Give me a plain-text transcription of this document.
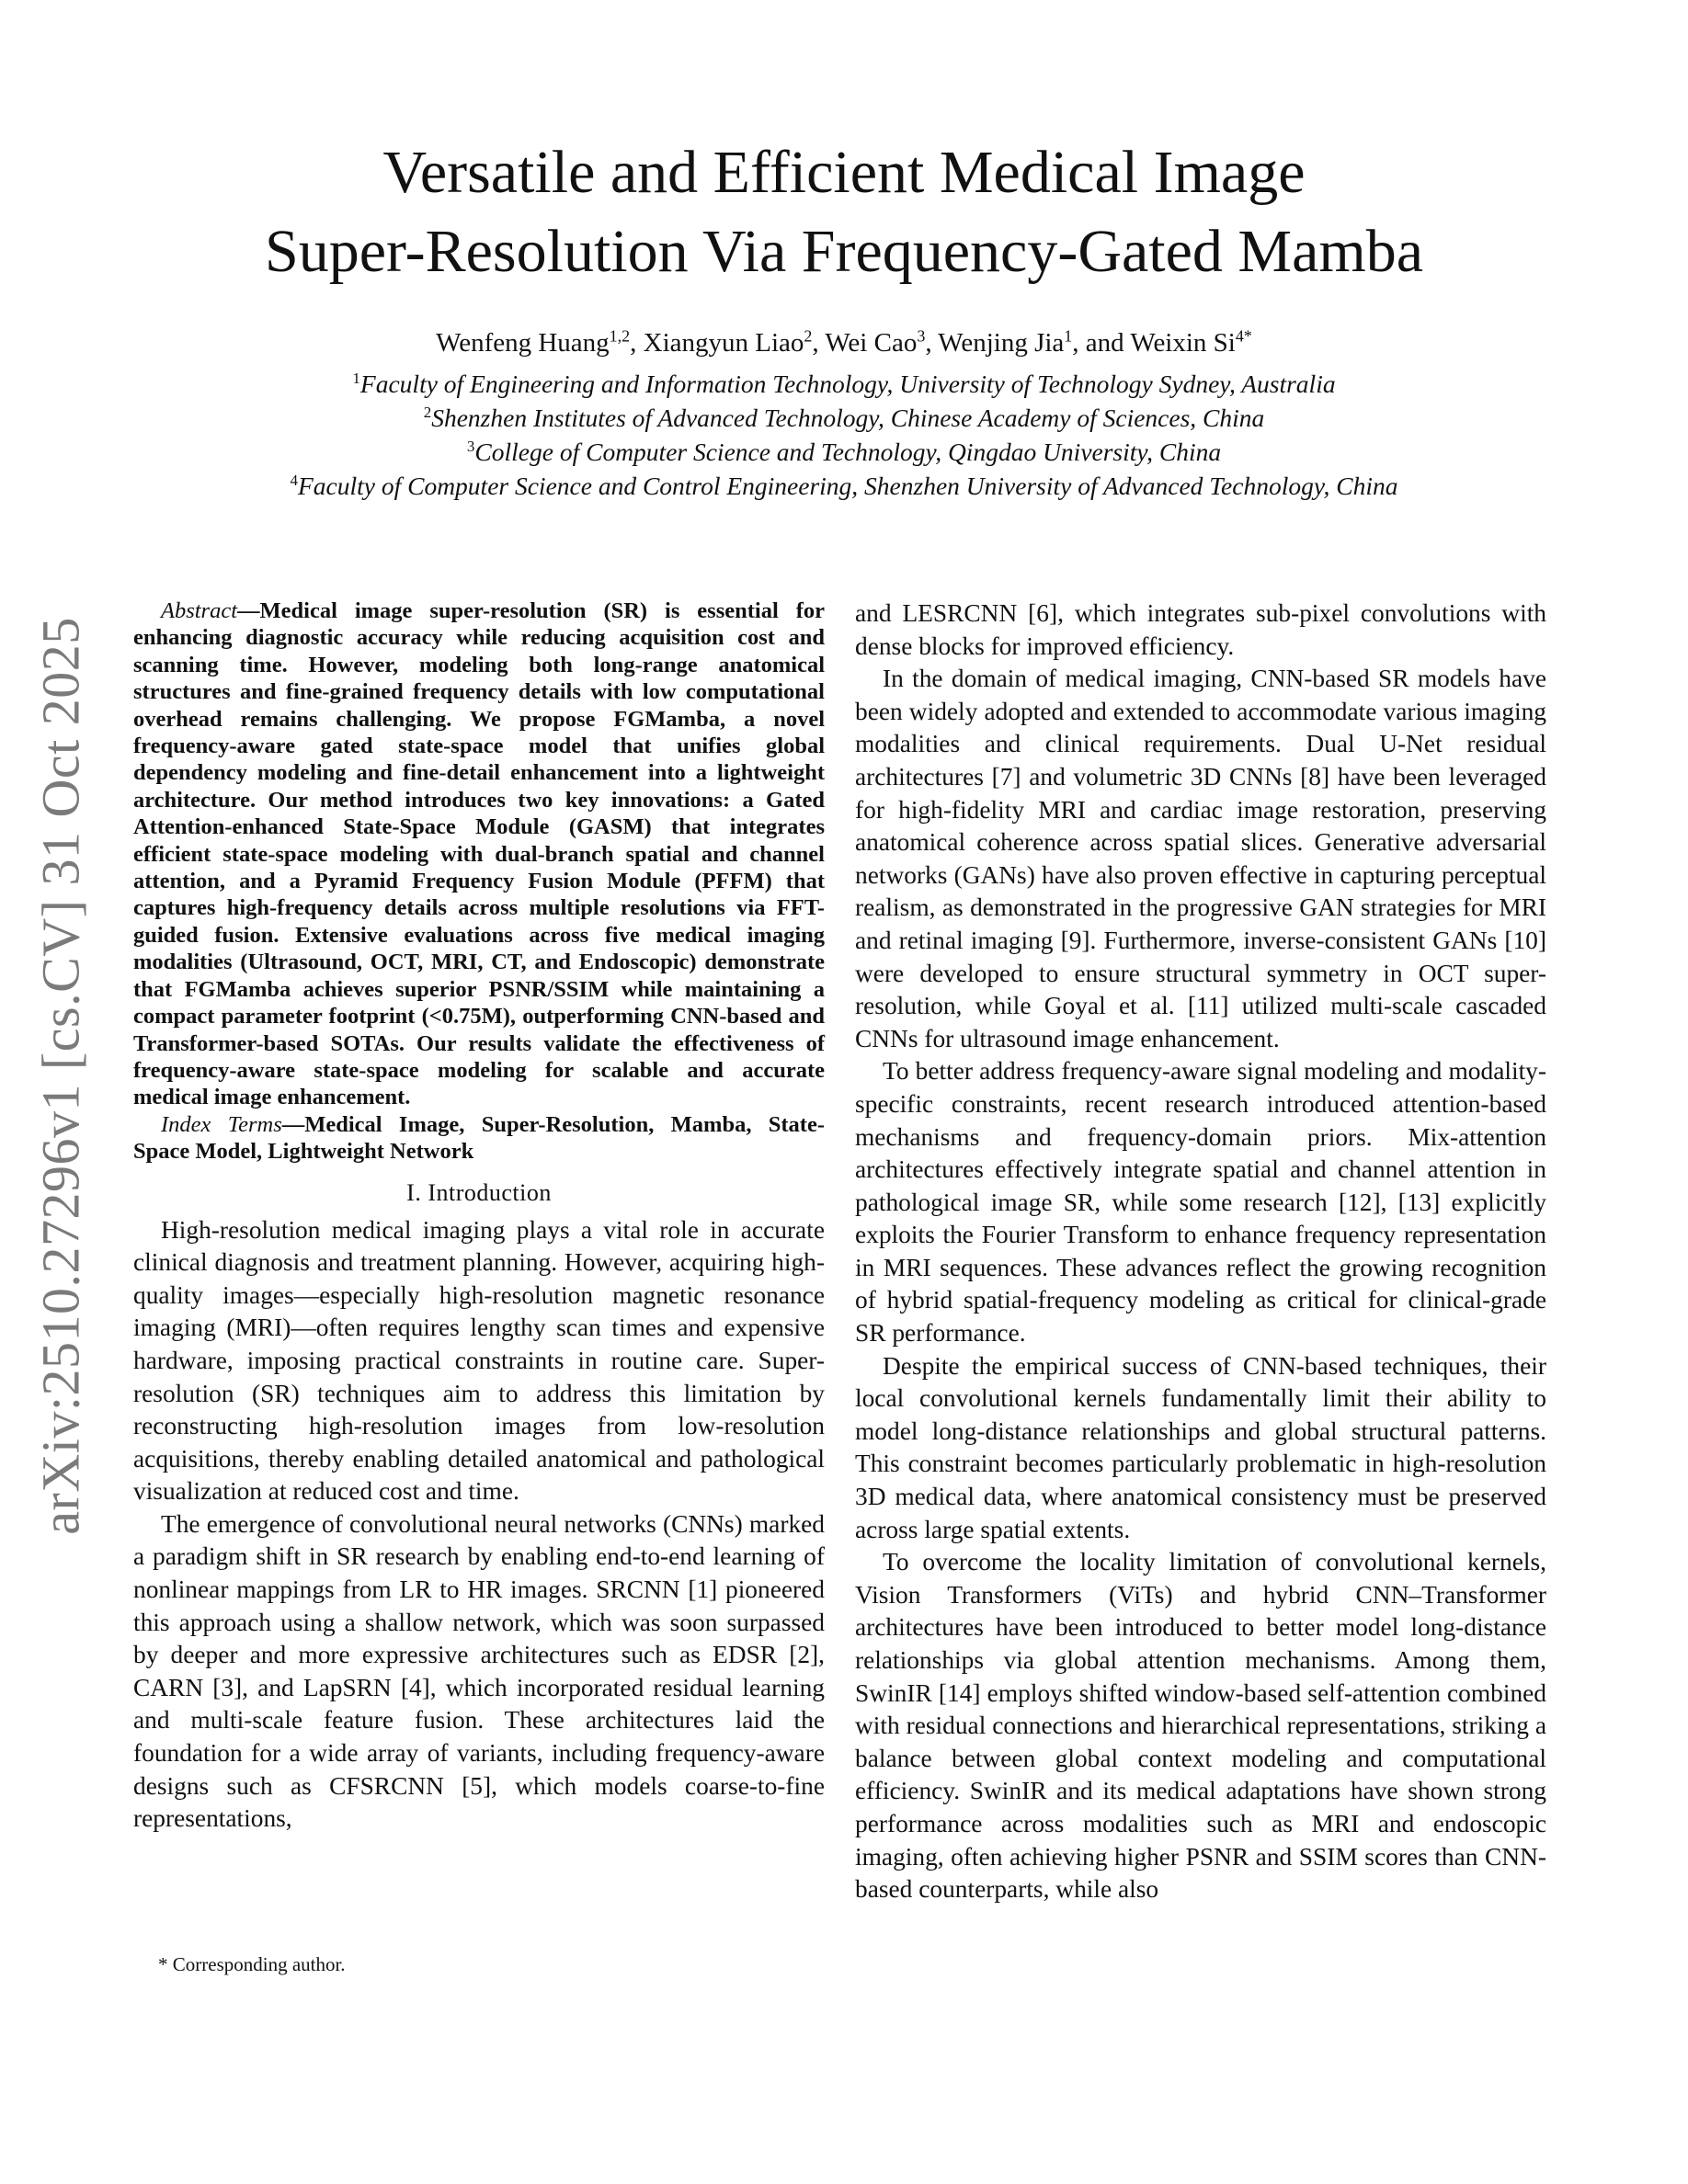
arXiv:2510.27296v1 [cs.CV] 31 Oct 2025
Versatile and Efficient Medical Image
Super-Resolution Via Frequency-Gated Mamba
Wenfeng Huang$^{1,2}$, Xiangyun Liao$^2$, Wei Cao$^3$, Wenjing Jia$^1$, and Weixin $Si^{4*}$
$^1$Faculty of Engineering and Information Technology, University of Technology Sydney, Australia
$^2$Shenzhen Institutes of Advanced Technology, Chinese Academy of Sciences, China
$^3$College of Computer Science and Technology, Qingdao University, China
$^4$Faculty of Computer Science and Control Engineering, Shenzhen University of Advanced Technology, China

Abstract—Medical image super-resolution (SR) is essential for enhancing diagnostic accuracy while reducing acquisition cost and scanning time. However, modeling both long-range anatomical structures and fine-grained frequency details with low computational overhead remains challenging. We propose FGMamba, a novel frequency-aware gated state-space model that unifies global dependency modeling and fine-detail enhancement into a lightweight architecture. Our method introduces two key innovations: a Gated Attention-enhanced State-Space Module (GASM) that integrates efficient state-space modeling with dual-branch spatial and channel attention, and a Pyramid Frequency Fusion Module (PFFM) that captures high-frequency details across multiple resolutions via FFT-guided fusion. Extensive evaluations across five medical imaging modalities (Ultrasound, OCT, MRI, CT, and Endoscopic) demonstrate that FGMamba achieves superior PSNR/SSIM while maintaining a compact parameter footprint (<0.75M), outperforming CNN-based and Transformer-based SOTAs. Our results validate the effectiveness of frequency-aware state-space modeling for scalable and accurate medical image enhancement.

Index Terms—Medical Image, Super-Resolution, Mamba, State-Space Model, Lightweight Network

I. Introduction

High-resolution medical imaging plays a vital role in accurate clinical diagnosis and treatment planning. However, acquiring high-quality images—especially high-resolution magnetic resonance imaging (MRI)—often requires lengthy scan times and expensive hardware, imposing practical constraints in routine care. Super-resolution (SR) techniques aim to address this limitation by reconstructing high-resolution images from low-resolution acquisitions, thereby enabling detailed anatomical and pathological visualization at reduced cost and time.

The emergence of convolutional neural networks (CNNs) marked a paradigm shift in SR research by enabling end-to-end learning of nonlinear mappings from LR to HR images. SRCNN [1] pioneered this approach using a shallow network, which was soon surpassed by deeper and more expressive architectures such as EDSR [2], CARN [3], and LapSRN [4], which incorporated residual learning and multi-scale feature fusion. These architectures laid the foundation for a wide array of variants, including frequency-aware designs such as CFSRCNN [5], which models coarse-to-fine representations,

and LESRCNN [6], which integrates sub-pixel convolutions with dense blocks for improved efficiency.

In the domain of medical imaging, CNN-based SR models have been widely adopted and extended to accommodate various imaging modalities and clinical requirements. Dual U-Net residual architectures [7] and volumetric 3D CNNs [8] have been leveraged for high-fidelity MRI and cardiac image restoration, preserving anatomical coherence across spatial slices. Generative adversarial networks (GANs) have also proven effective in capturing perceptual realism, as demonstrated in the progressive GAN strategies for MRI and retinal imaging [9]. Furthermore, inverse-consistent GANs [10] were developed to ensure structural symmetry in OCT super-resolution, while Goyal et al. [11] utilized multi-scale cascaded CNNs for ultrasound image enhancement.

To better address frequency-aware signal modeling and modality-specific constraints, recent research introduced attention-based mechanisms and frequency-domain priors. Mix-attention architectures effectively integrate spatial and channel attention in pathological image SR, while some research [12], [13] explicitly exploits the Fourier Transform to enhance frequency representation in MRI sequences. These advances reflect the growing recognition of hybrid spatial-frequency modeling as critical for clinical-grade SR performance.

Despite the empirical success of CNN-based techniques, their local convolutional kernels fundamentally limit their ability to model long-distance relationships and global structural patterns. This constraint becomes particularly problematic in high-resolution 3D medical data, where anatomical consistency must be preserved across large spatial extents.

To overcome the locality limitation of convolutional kernels, Vision Transformers (ViTs) and hybrid CNN–Transformer architectures have been introduced to better model long-distance relationships via global attention mechanisms. Among them, SwinIR [14] employs shifted window-based self-attention combined with residual connections and hierarchical representations, striking a balance between global context modeling and computational efficiency. SwinIR and its medical adaptations have shown strong performance across modalities such as MRI and endoscopic imaging, often achieving higher PSNR and SSIM scores than CNN-based counterparts, while also

* Corresponding author.
